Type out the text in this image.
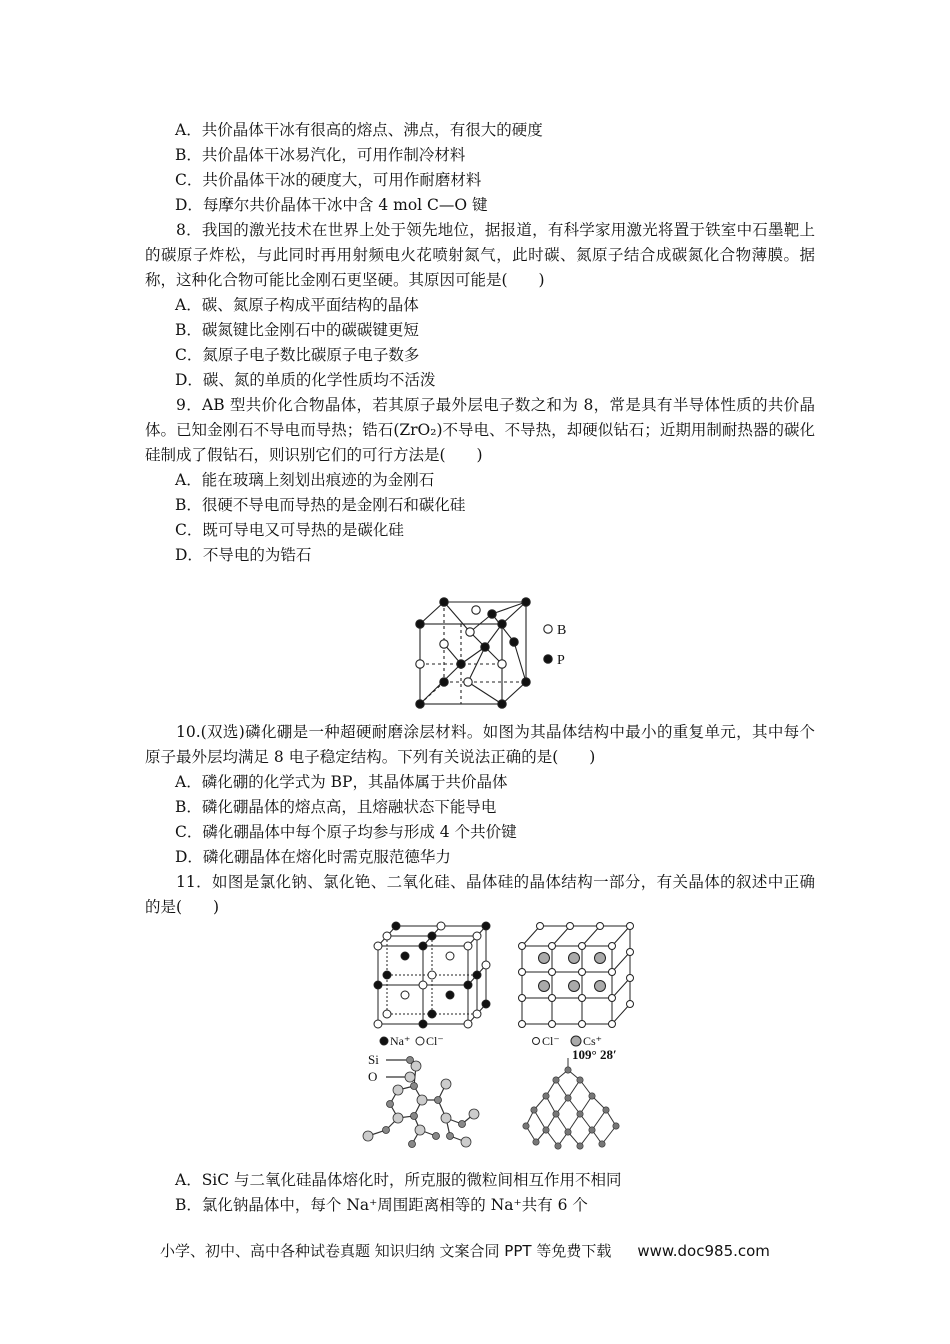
A．共价晶体干冰有很高的熔点、沸点，有很大的硬度
B．共价晶体干冰易汽化，可用作制冷材料
C．共价晶体干冰的硬度大，可用作耐磨材料
D．每摩尔共价晶体干冰中含 4 mol C—O 键
8．我国的激光技术在世界上处于领先地位，据报道，有科学家用激光将置于铁室中石墨靶上的碳原子炸松，与此同时再用射频电火花喷射氮气，此时碳、氮原子结合成碳氮化合物薄膜。据称，这种化合物可能比金刚石更坚硬。其原因可能是(　　)
A．碳、氮原子构成平面结构的晶体
B．碳氮键比金刚石中的碳碳键更短
C．氮原子电子数比碳原子电子数多
D．碳、氮的单质的化学性质均不活泼
9．AB 型共价化合物晶体，若其原子最外层电子数之和为 8，常是具有半导体性质的共价晶体。已知金刚石不导电而导热；锆石(ZrO₂)不导电、不导热，却硬似钻石；近期用制耐热器的碳化硅制成了假钻石，则识别它们的可行方法是(　　)
A．能在玻璃上刻划出痕迹的为金刚石
B．很硬不导电而导热的是金刚石和碳化硅
C．既可导电又可导热的是碳化硅
D．不导电的为锆石
B
P
10.(双选)磷化硼是一种超硬耐磨涂层材料。如图为其晶体结构中最小的重复单元，其中每个原子最外层均满足 8 电子稳定结构。下列有关说法正确的是(　　)
A．磷化硼的化学式为 BP，其晶体属于共价晶体
B．磷化硼晶体的熔点高，且熔融状态下能导电
C．磷化硼晶体中每个原子均参与形成 4 个共价键
D．磷化硼晶体在熔化时需克服范德华力
11．如图是氯化钠、氯化铯、二氧化硅、晶体硅的晶体结构一部分，有关晶体的叙述中正确的是(　　)
Na⁺ Cl⁻	Cl⁻ Cs⁺
Si
O
109° 28′
A．SiC 与二氧化硅晶体熔化时，所克服的微粒间相互作用不相同
B．氯化钠晶体中，每个 Na⁺周围距离相等的 Na⁺共有 6 个
小学、初中、高中各种试卷真题 知识归纳 文案合同 PPT 等免费下载 www.doc985.com
